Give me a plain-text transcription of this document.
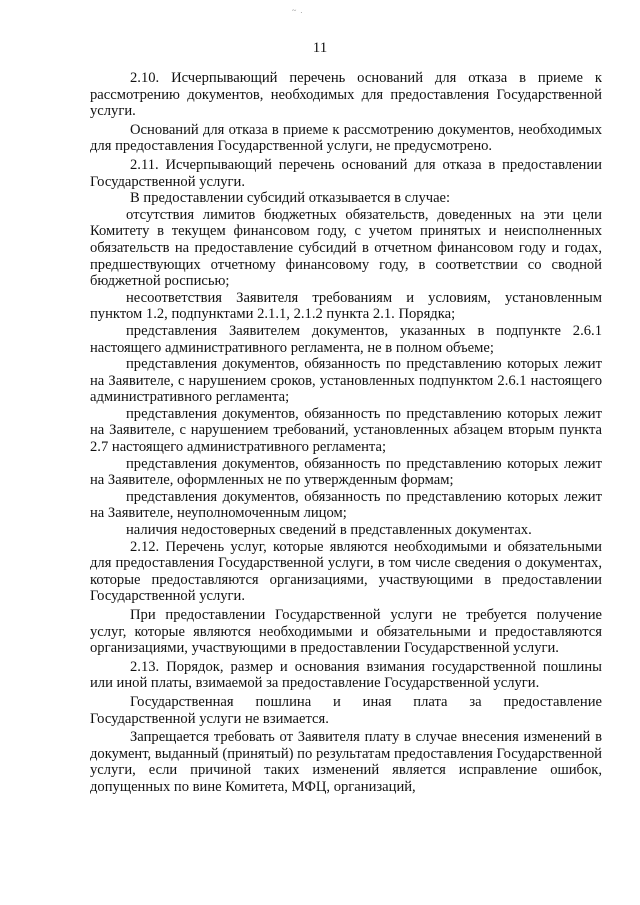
~ .
11

2.10. Исчерпывающий перечень оснований для отказа в приеме к рассмотрению документов, необходимых для предоставления Государственной услуги.

Оснований для отказа в приеме к рассмотрению документов, необходимых для предоставления Государственной услуги, не предусмотрено.

2.11. Исчерпывающий перечень оснований для отказа в предоставлении Государственной услуги.

В предоставлении субсидий отказывается в случае:

отсутствия лимитов бюджетных обязательств, доведенных на эти цели Комитету в текущем финансовом году, с учетом принятых и неисполненных обязательств на предоставление субсидий в отчетном финансовом году и годах, предшествующих отчетному финансовому году, в соответствии со сводной бюджетной росписью;

несоответствия Заявителя требованиям и условиям, установленным пунктом 1.2, подпунктами 2.1.1, 2.1.2 пункта 2.1. Порядка;

представления Заявителем документов, указанных в подпункте 2.6.1 настоящего административного регламента, не в полном объеме;

представления документов, обязанность по представлению которых лежит на Заявителе, с нарушением сроков, установленных подпунктом 2.6.1 настоящего административного регламента;

представления документов, обязанность по представлению которых лежит на Заявителе, с нарушением требований, установленных абзацем вторым пункта 2.7 настоящего административного регламента;

представления документов, обязанность по представлению которых лежит на Заявителе, оформленных не по утвержденным формам;

представления документов, обязанность по представлению которых лежит на Заявителе, неуполномоченным лицом;

наличия недостоверных сведений в представленных документах.

2.12. Перечень услуг, которые являются необходимыми и обязательными для предоставления Государственной услуги, в том числе сведения о документах, которые предоставляются организациями, участвующими в предоставлении Государственной услуги.

При предоставлении Государственной услуги не требуется получение услуг, которые являются необходимыми и обязательными и предоставляются организациями, участвующими в предоставлении Государственной услуги.

2.13. Порядок, размер и основания взимания государственной пошлины или иной платы, взимаемой за предоставление Государственной услуги.

Государственная пошлина и иная плата за предоставление Государственной услуги не взимается.

Запрещается требовать от Заявителя плату в случае внесения изменений в документ, выданный (принятый) по результатам предоставления Государственной услуги, если причиной таких изменений является исправление ошибок, допущенных по вине Комитета, МФЦ, организаций,
